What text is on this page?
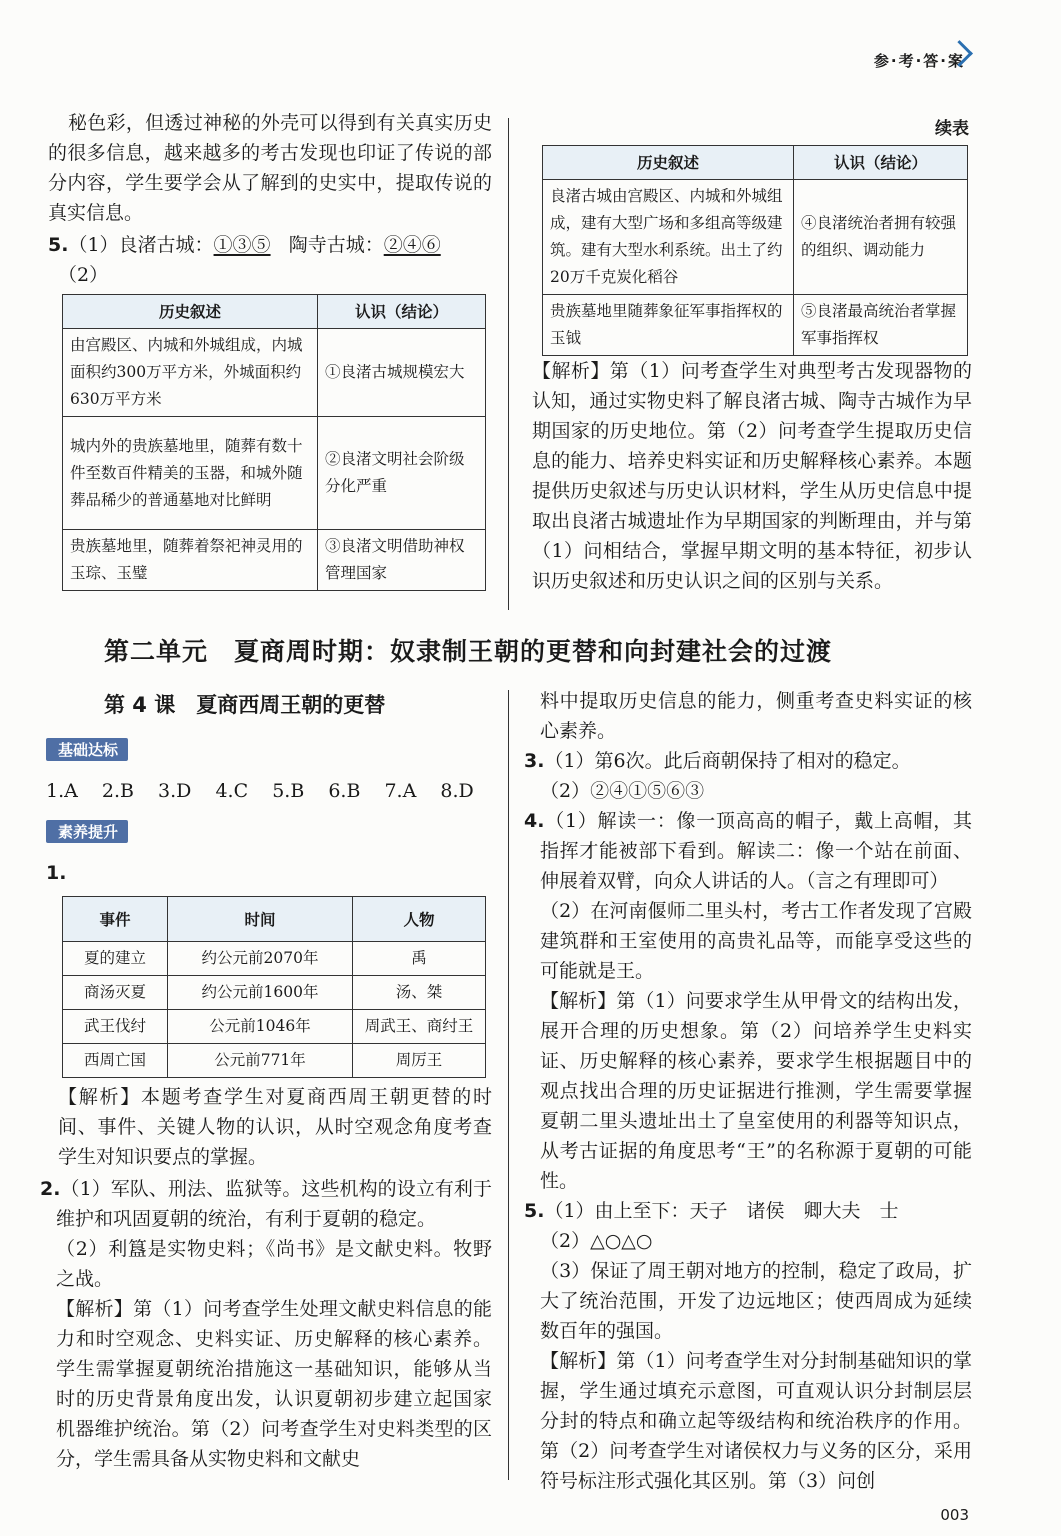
参·考·答·案

秘色彩，但透过神秘的外壳可以得到有关真实历史的很多信息，越来越多的考古发现也印证了传说的部分内容，学生要学会从了解到的史实中，提取传说的真实信息。

5.（1）良渚古城：①③⑤ 陶寺古城：②④⑥

（2）

历史叙述	认识（结论）
由宫殿区、内城和外城组成，内城面积约300万平方米，外城面积约630万平方米	①良渚古城规模宏大
城内外的贵族墓地里，随葬有数十件至数百件精美的玉器，和城外随葬品稀少的普通墓地对比鲜明	②良渚文明社会阶级分化严重
贵族墓地里，随葬着祭祀神灵用的玉琮、玉璧	③良渚文明借助神权管理国家
续表
历史叙述	认识（结论）
良渚古城由宫殿区、内城和外城组成，建有大型广场和多组高等级建筑。建有大型水利系统。出土了约20万千克炭化稻谷	④良渚统治者拥有较强的组织、调动能力
贵族墓地里随葬象征军事指挥权的玉钺	⑤良渚最高统治者掌握军事指挥权

【解析】第（1）问考查学生对典型考古发现器物的认知，通过实物史料了解良渚古城、陶寺古城作为早期国家的历史地位。第（2）问考查学生提取历史信息的能力、培养史料实证和历史解释核心素养。本题提供历史叙述与历史认识材料，学生从历史信息中提取出良渚古城遗址作为早期国家的判断理由，并与第（1）问相结合，掌握早期文明的基本特征，初步认识历史叙述和历史认识之间的区别与关系。

第二单元　夏商周时期：奴隶制王朝的更替和向封建社会的过渡
第 4 课　夏商西周王朝的更替
基础达标
1.A 2.B 3.D 4.C 5.B 6.B 7.A 8.D
素养提升
1.
事件	时间	人物
夏的建立	约公元前2070年	禹
商汤灭夏	约公元前1600年	汤、桀
武王伐纣	公元前1046年	周武王、商纣王
西周亡国	公元前771年	周厉王

【解析】本题考查学生对夏商西周王朝更替的时间、事件、关键人物的认识，从时空观念角度考查学生对知识要点的掌握。

2.（1）军队、刑法、监狱等。这些机构的设立有利于维护和巩固夏朝的统治，有利于夏朝的稳定。

（2）利簋是实物史料；《尚书》是文献史料。牧野之战。

【解析】第（1）问考查学生处理文献史料信息的能力和时空观念、史料实证、历史解释的核心素养。学生需掌握夏朝统治措施这一基础知识，能够从当时的历史背景角度出发，认识夏朝初步建立起国家机器维护统治。第（2）问考查学生对史料类型的区分，学生需具备从实物史料和文献史

料中提取历史信息的能力，侧重考查史料实证的核心素养。

3.（1）第6次。此后商朝保持了相对的稳定。

（2）②④①⑤⑥③

4.（1）解读一：像一顶高高的帽子，戴上高帽，其指挥才能被部下看到。解读二：像一个站在前面、伸展着双臂，向众人讲话的人。（言之有理即可）

（2）在河南偃师二里头村，考古工作者发现了宫殿建筑群和王室使用的高贵礼品等，而能享受这些的可能就是王。

【解析】第（1）问要求学生从甲骨文的结构出发，展开合理的历史想象。第（2）问培养学生史料实证、历史解释的核心素养，要求学生根据题目中的观点找出合理的历史证据进行推测，学生需要掌握夏朝二里头遗址出土了皇室使用的利器等知识点，从考古证据的角度思考“王”的名称源于夏朝的可能性。

5.（1）由上至下：天子　诸侯　卿大夫　士

（2）△○△○

（3）保证了周王朝对地方的控制，稳定了政局，扩大了统治范围，开发了边远地区；使西周成为延续数百年的强国。

【解析】第（1）问考查学生对分封制基础知识的掌握，学生通过填充示意图，可直观认识分封制层层分封的特点和确立起等级结构和统治秩序的作用。第（2）问考查学生对诸侯权力与义务的区分，采用符号标注形式强化其区别。第（3）问创

003
